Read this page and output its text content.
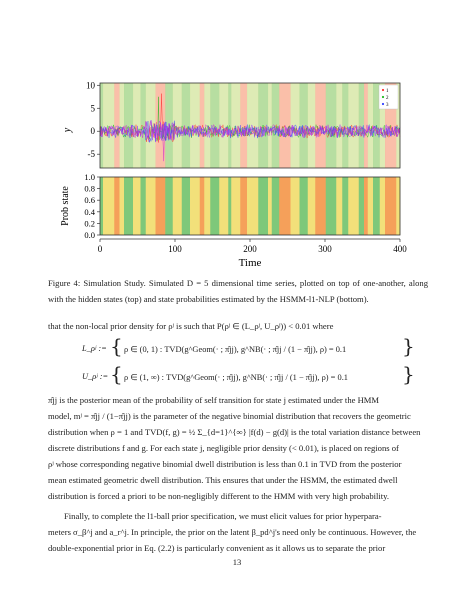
-5
0
5
10
y
1
2
3
0.0
0.2
0.4
0.6
0.8
1.0
0	100	200	300	400
Prob state
Time
Figure 4: Simulation Study. Simulated D = 5 dimensional time series, plotted on top of one-another, along with the hidden states (top) and state probabilities estimated by the HSMM-l1-NLP (bottom).
that the non-local prior density for ρʲ is such that P(ρʲ ∈ (L_ρʲ, U_ρʲ)) < 0.01 where
L_ρʲ := { ρ ∈ (0, 1) : TVD(g^Geom(· ; π̂jj), g^NB(· ; π̂jj / (1 − π̂jj), ρ) = 0.1	}
U_ρʲ := { ρ ∈ (1, ∞) : TVD(g^Geom(· ; π̂jj), g^NB(· ; π̂jj / (1 − π̂jj), ρ) = 0.1	}
π̂jj is the posterior mean of the probability of self transition for state j estimated under the HMM
model, mʲ = π̂jj / (1−π̂jj) is the parameter of the negative binomial distribution that recovers the geometric
distribution when ρ = 1 and TVD(f, g) = ½ Σ_{d=1}^{∞} |f(d) − g(d)| is the total variation distance between
discrete distributions f and g. For each state j, negligible prior density (< 0.01), is placed on regions of
ρʲ whose corresponding negative binomial dwell distribution is less than 0.1 in TVD from the posterior
mean estimated geometric dwell distribution. This ensures that under the HSMM, the estimated dwell
distribution is forced a priori to be non-negligibly different to the HMM with very high probability.
Finally, to complete the l1-ball prior specification, we must elicit values for prior hyperpara-
meters σ_β^j and a_r^j. In principle, the prior on the latent β_pd^j's need only be continuous. However, the
double-exponential prior in Eq. (2.2) is particularly convenient as it allows us to separate the prior
13
